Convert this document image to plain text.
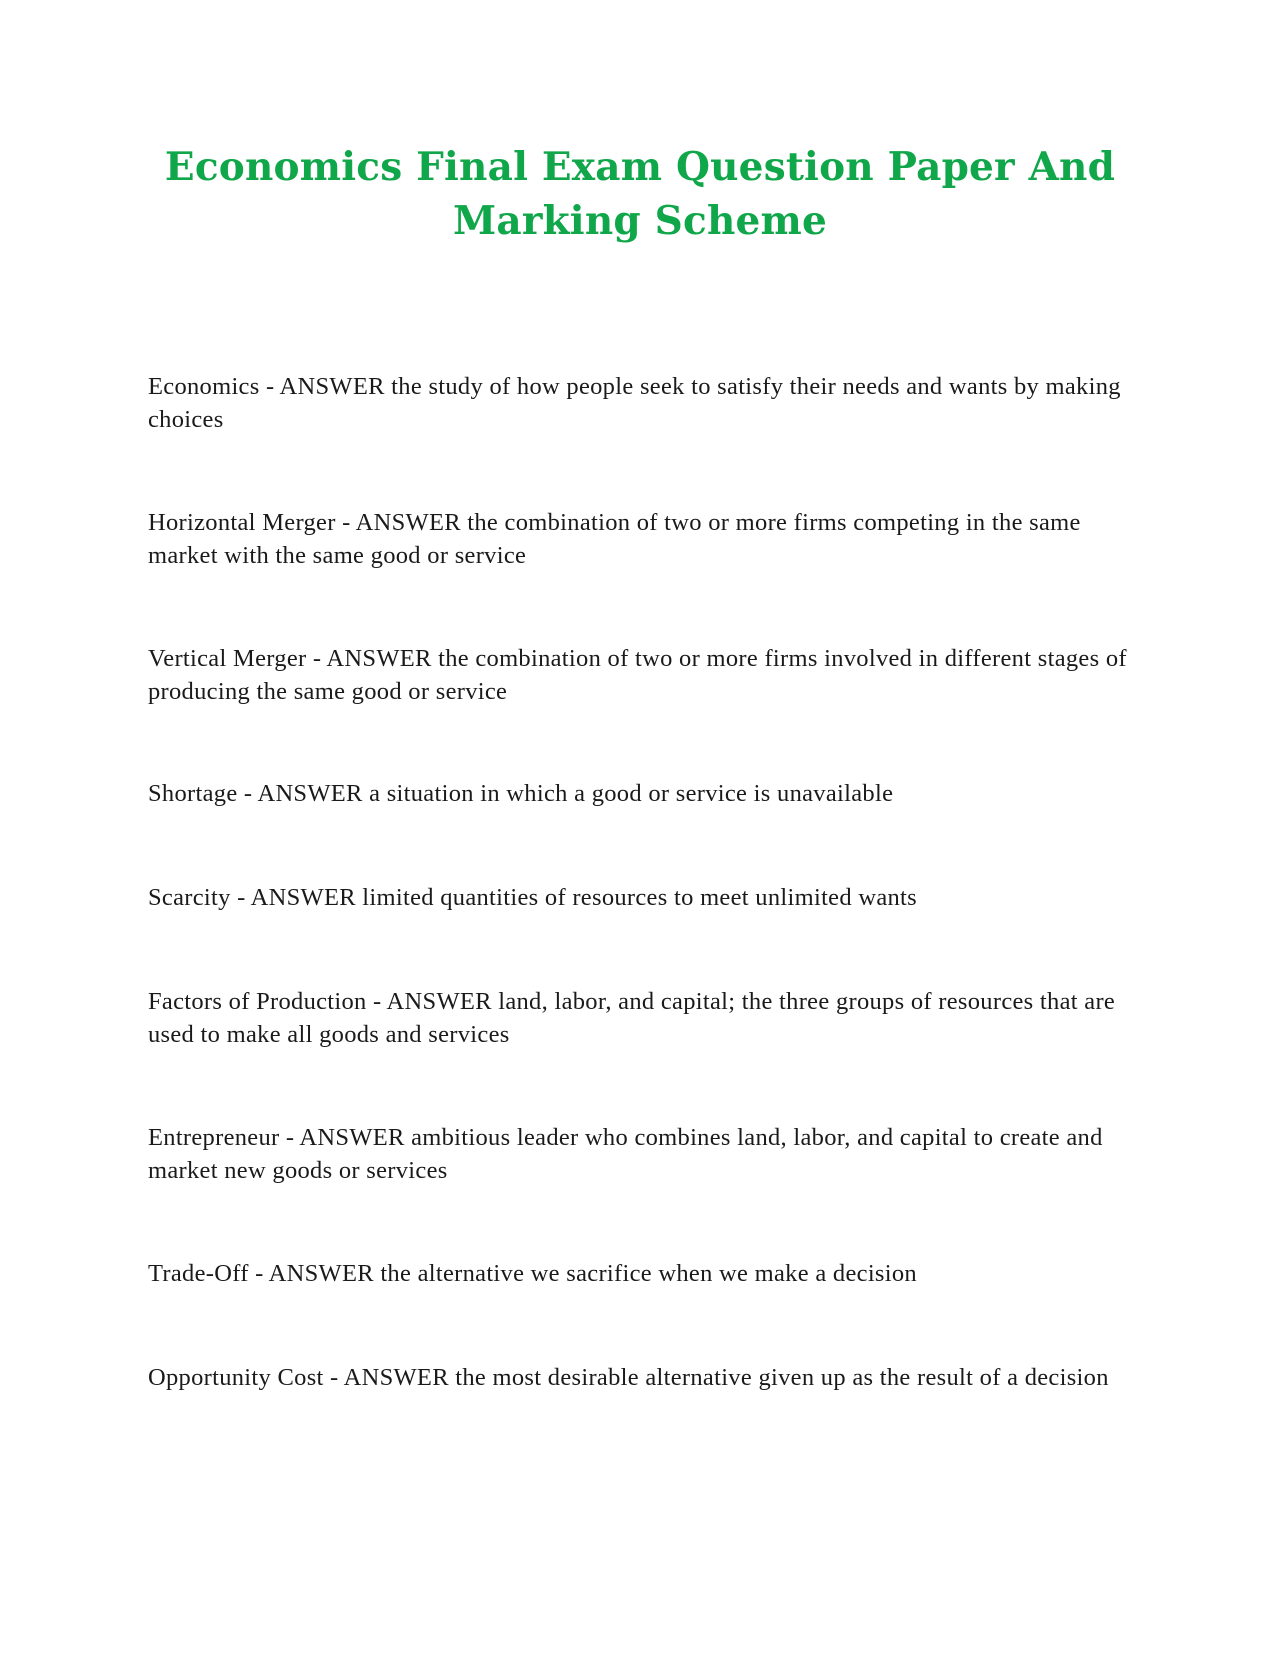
Economics Final Exam Question Paper And
Marking Scheme
Economics - ANSWER the study of how people seek to satisfy their needs and wants by making choices
Horizontal Merger - ANSWER the combination of two or more firms competing in the same market with the same good or service
Vertical Merger - ANSWER the combination of two or more firms involved in different stages of producing the same good or service
Shortage - ANSWER a situation in which a good or service is unavailable
Scarcity - ANSWER limited quantities of resources to meet unlimited wants
Factors of Production - ANSWER land, labor, and capital; the three groups of resources that are used to make all goods and services
Entrepreneur - ANSWER ambitious leader who combines land, labor, and capital to create and market new goods or services
Trade-Off - ANSWER the alternative we sacrifice when we make a decision
Opportunity Cost - ANSWER the most desirable alternative given up as the result of a decision
